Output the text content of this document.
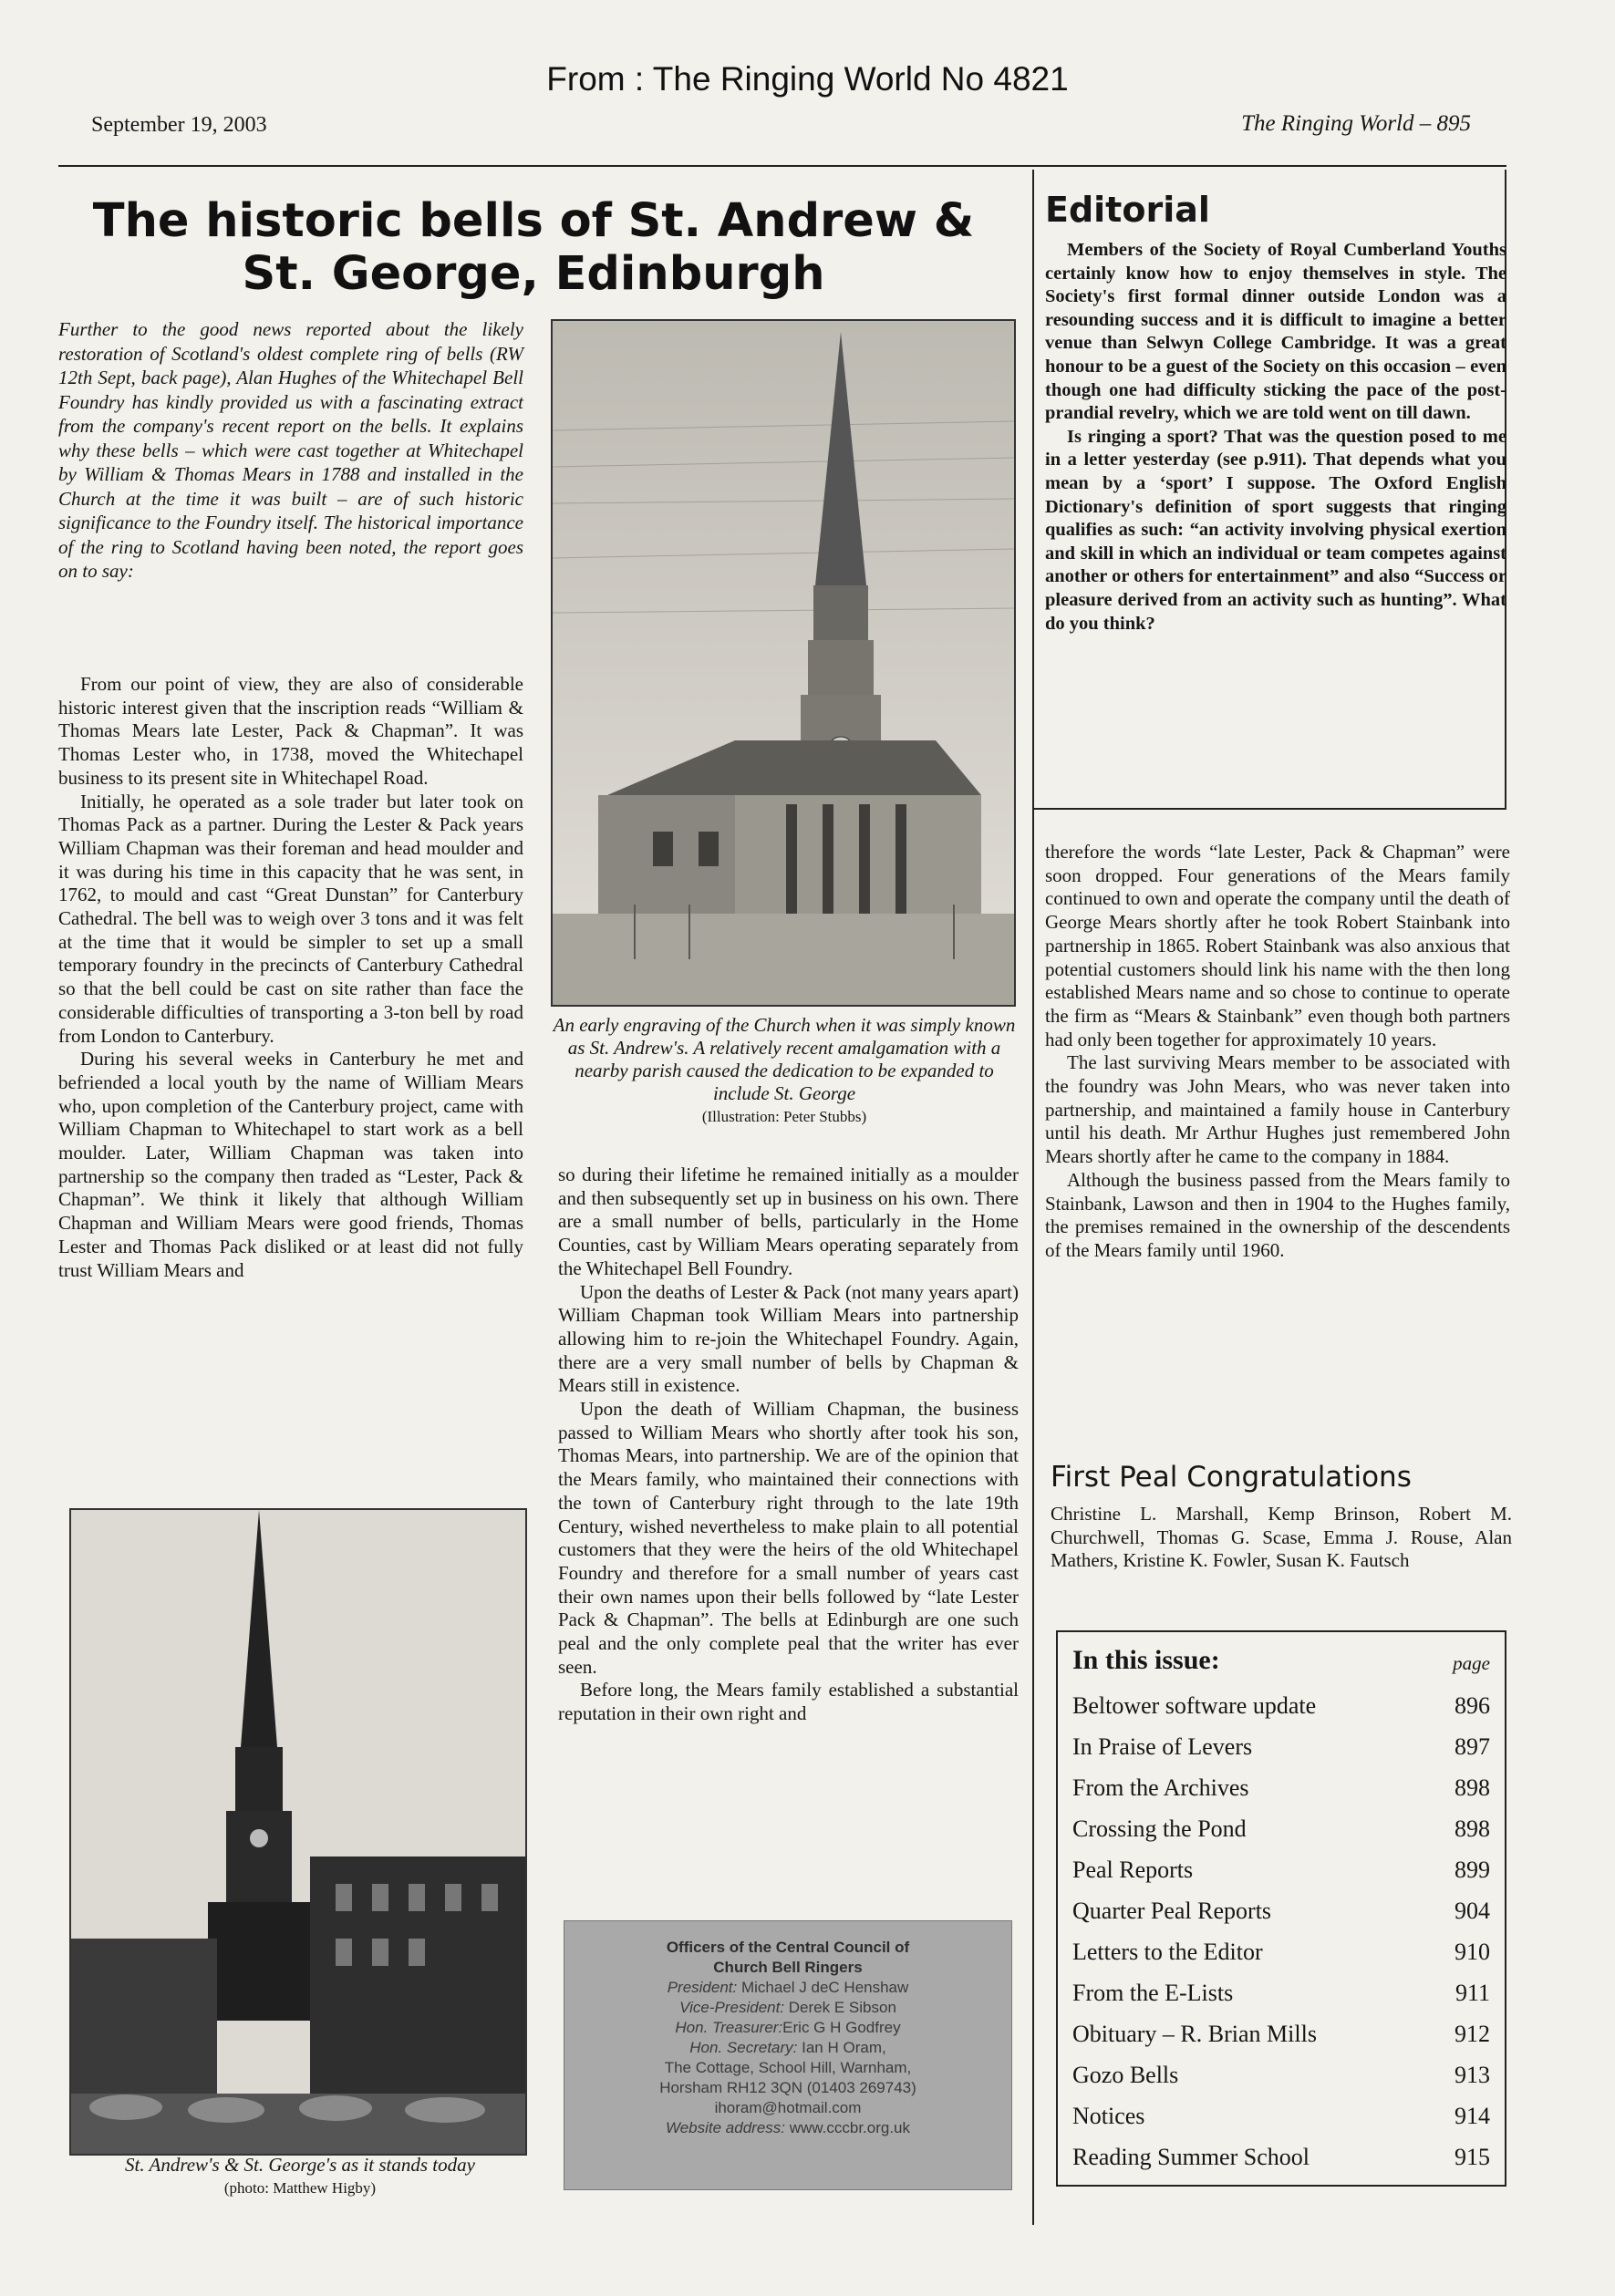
From : The Ringing World No 4821
September 19, 2003	The Ringing World – 895
The historic bells of St. Andrew & St. George, Edinburgh
Further to the good news reported about the likely restoration of Scotland's oldest complete ring of bells (RW 12th Sept, back page), Alan Hughes of the Whitechapel Bell Foundry has kindly provided us with a fascinating extract from the company's recent report on the bells. It explains why these bells – which were cast together at Whitechapel by William & Thomas Mears in 1788 and installed in the Church at the time it was built – are of such historic significance to the Foundry itself. The historical importance of the ring to Scotland having been noted, the report goes on to say:

From our point of view, they are also of considerable historic interest given that the inscription reads “William & Thomas Mears late Lester, Pack & Chapman”. It was Thomas Lester who, in 1738, moved the Whitechapel business to its present site in Whitechapel Road.

Initially, he operated as a sole trader but later took on Thomas Pack as a partner. During the Lester & Pack years William Chapman was their foreman and head moulder and it was during his time in this capacity that he was sent, in 1762, to mould and cast “Great Dunstan” for Canterbury Cathedral. The bell was to weigh over 3 tons and it was felt at the time that it would be simpler to set up a small temporary foundry in the precincts of Canterbury Cathedral so that the bell could be cast on site rather than face the considerable difficulties of transporting a 3-ton bell by road from London to Canterbury.

During his several weeks in Canterbury he met and befriended a local youth by the name of William Mears who, upon completion of the Canterbury project, came with William Chapman to Whitechapel to start work as a bell moulder. Later, William Chapman was taken into partnership so the company then traded as “Lester, Pack & Chapman”. We think it likely that although William Chapman and William Mears were good friends, Thomas Lester and Thomas Pack disliked or at least did not fully trust William Mears and

An early engraving of the Church when it was simply known as St. Andrew's. A relatively recent amalgamation with a nearby parish caused the dedication to be expanded to include St. George
(Illustration: Peter Stubbs)

so during their lifetime he remained initially as a moulder and then subsequently set up in business on his own. There are a small number of bells, particularly in the Home Counties, cast by William Mears operating separately from the Whitechapel Bell Foundry.

Upon the deaths of Lester & Pack (not many years apart) William Chapman took William Mears into partnership allowing him to re-join the Whitechapel Foundry. Again, there are a very small number of bells by Chapman & Mears still in existence.

Upon the death of William Chapman, the business passed to William Mears who shortly after took his son, Thomas Mears, into partnership. We are of the opinion that the Mears family, who maintained their connections with the town of Canterbury right through to the late 19th Century, wished nevertheless to make plain to all potential customers that they were the heirs of the old Whitechapel Foundry and therefore for a small number of years cast their own names upon their bells followed by “late Lester Pack & Chapman”. The bells at Edinburgh are one such peal and the only complete peal that the writer has ever seen.

Before long, the Mears family established a substantial reputation in their own right and

St. Andrew's & St. George's as it stands today
(photo: Matthew Higby)
Officers of the Central Council of
Church Bell Ringers
President: Michael J deC Henshaw
Vice-President: Derek E Sibson
Hon. Treasurer:Eric G H Godfrey
Hon. Secretary: Ian H Oram,
The Cottage, School Hill, Warnham,
Horsham RH12 3QN (01403 269743)
ihoram@hotmail.com
Website address: www.cccbr.org.uk
Editorial

Members of the Society of Royal Cumberland Youths certainly know how to enjoy themselves in style. The Society's first formal dinner outside London was a resounding success and it is difficult to imagine a better venue than Selwyn College Cambridge. It was a great honour to be a guest of the Society on this occasion – even though one had difficulty sticking the pace of the post-prandial revelry, which we are told went on till dawn.

Is ringing a sport? That was the question posed to me in a letter yesterday (see p.911). That depends what you mean by a ‘sport’ I suppose. The Oxford English Dictionary's definition of sport suggests that ringing qualifies as such: “an activity involving physical exertion and skill in which an individual or team competes against another or others for entertainment” and also “Success or pleasure derived from an activity such as hunting”. What do you think?

therefore the words “late Lester, Pack & Chapman” were soon dropped. Four generations of the Mears family continued to own and operate the company until the death of George Mears shortly after he took Robert Stainbank into partnership in 1865. Robert Stainbank was also anxious that potential customers should link his name with the then long established Mears name and so chose to continue to operate the firm as “Mears & Stainbank” even though both partners had only been together for approximately 10 years.

The last surviving Mears member to be associated with the foundry was John Mears, who was never taken into partnership, and maintained a family house in Canterbury until his death. Mr Arthur Hughes just remembered John Mears shortly after he came to the company in 1884.

Although the business passed from the Mears family to Stainbank, Lawson and then in 1904 to the Hughes family, the premises remained in the ownership of the descendents of the Mears family until 1960.

First Peal Congratulations
Christine L. Marshall, Kemp Brinson, Robert M. Churchwell, Thomas G. Scase, Emma J. Rouse, Alan Mathers, Kristine K. Fowler, Susan K. Fautsch
In this issue:	page
Beltower software update	896
In Praise of Levers	897
From the Archives	898
Crossing the Pond	898
Peal Reports	899
Quarter Peal Reports	904
Letters to the Editor	910
From the E-Lists	911
Obituary – R. Brian Mills	912
Gozo Bells	913
Notices	914
Reading Summer School	915
